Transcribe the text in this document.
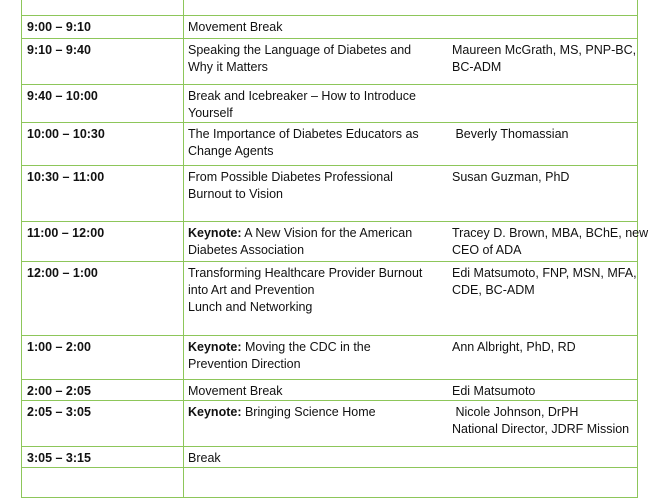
9:00 – 9:10	Movement Break	

9:10 – 9:40	Speaking the Language of Diabetes and
Why it Matters	Maureen McGrath, MS, PNP-BC,
BC-ADM

9:40 – 10:00	Break and Icebreaker – How to Introduce Yourself	

10:00 – 10:30	The Importance of Diabetes Educators as
Change Agents	Beverly Thomassian

10:30 – 11:00	From Possible Diabetes Professional
Burnout to Vision	Susan Guzman, PhD

11:00 – 12:00	Keynote: A New Vision for the American
Diabetes Association	Tracey D. Brown, MBA, BChE, new
CEO of ADA

12:00 – 1:00	Transforming Healthcare Provider Burnout
into Art and Prevention
Lunch and Networking	Edi Matsumoto, FNP, MSN, MFA,
CDE, BC-ADM

1:00 – 2:00	Keynote: Moving the CDC in the
Prevention Direction	Ann Albright, PhD, RD

2:00 – 2:05	Movement Break	Edi Matsumoto

2:05 – 3:05	Keynote: Bringing Science Home	Nicole Johnson, DrPH
National Director, JDRF Mission

3:05 – 3:15	Break	
